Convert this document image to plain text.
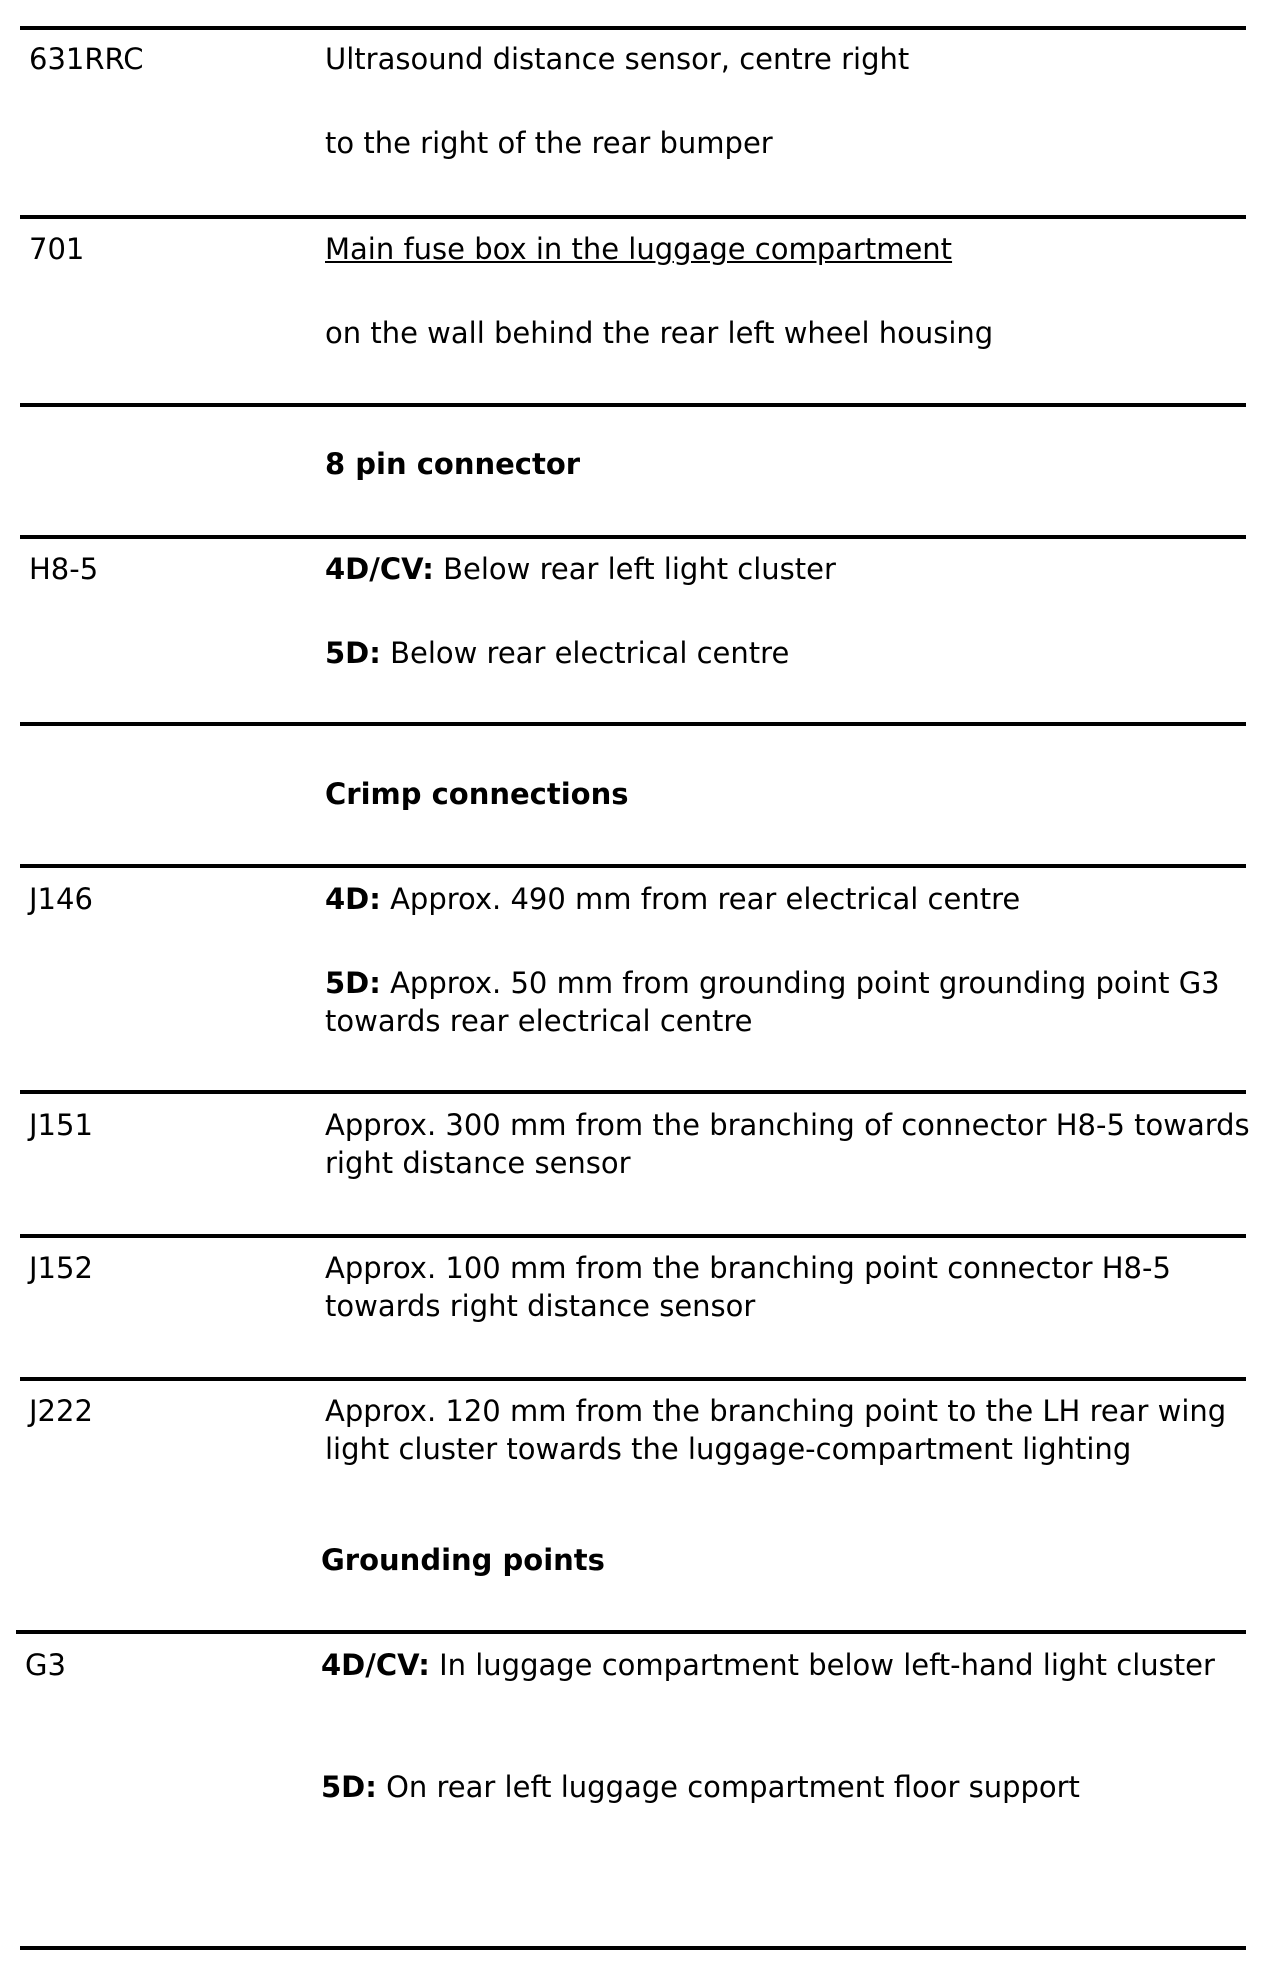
631RRC	Ultrasound distance sensor, centre right
to the right of the rear bumper
701	Main fuse box in the luggage compartment
on the wall behind the rear left wheel housing
8 pin connector
H8-5	4D/CV: Below rear left light cluster
5D: Below rear electrical centre
Crimp connections
J146	4D: Approx. 490 mm from rear electrical centre
5D: Approx. 50 mm from grounding point grounding point G3 towards rear electrical centre
J151	Approx. 300 mm from the branching of connector H8-5 towards right distance sensor
J152	Approx. 100 mm from the branching point connector H8-5 towards right distance sensor
J222	Approx. 120 mm from the branching point to the LH rear wing light cluster towards the luggage-compartment lighting
Grounding points
G3	4D/CV: In luggage compartment below left-hand light cluster
5D: On rear left luggage compartment floor support
